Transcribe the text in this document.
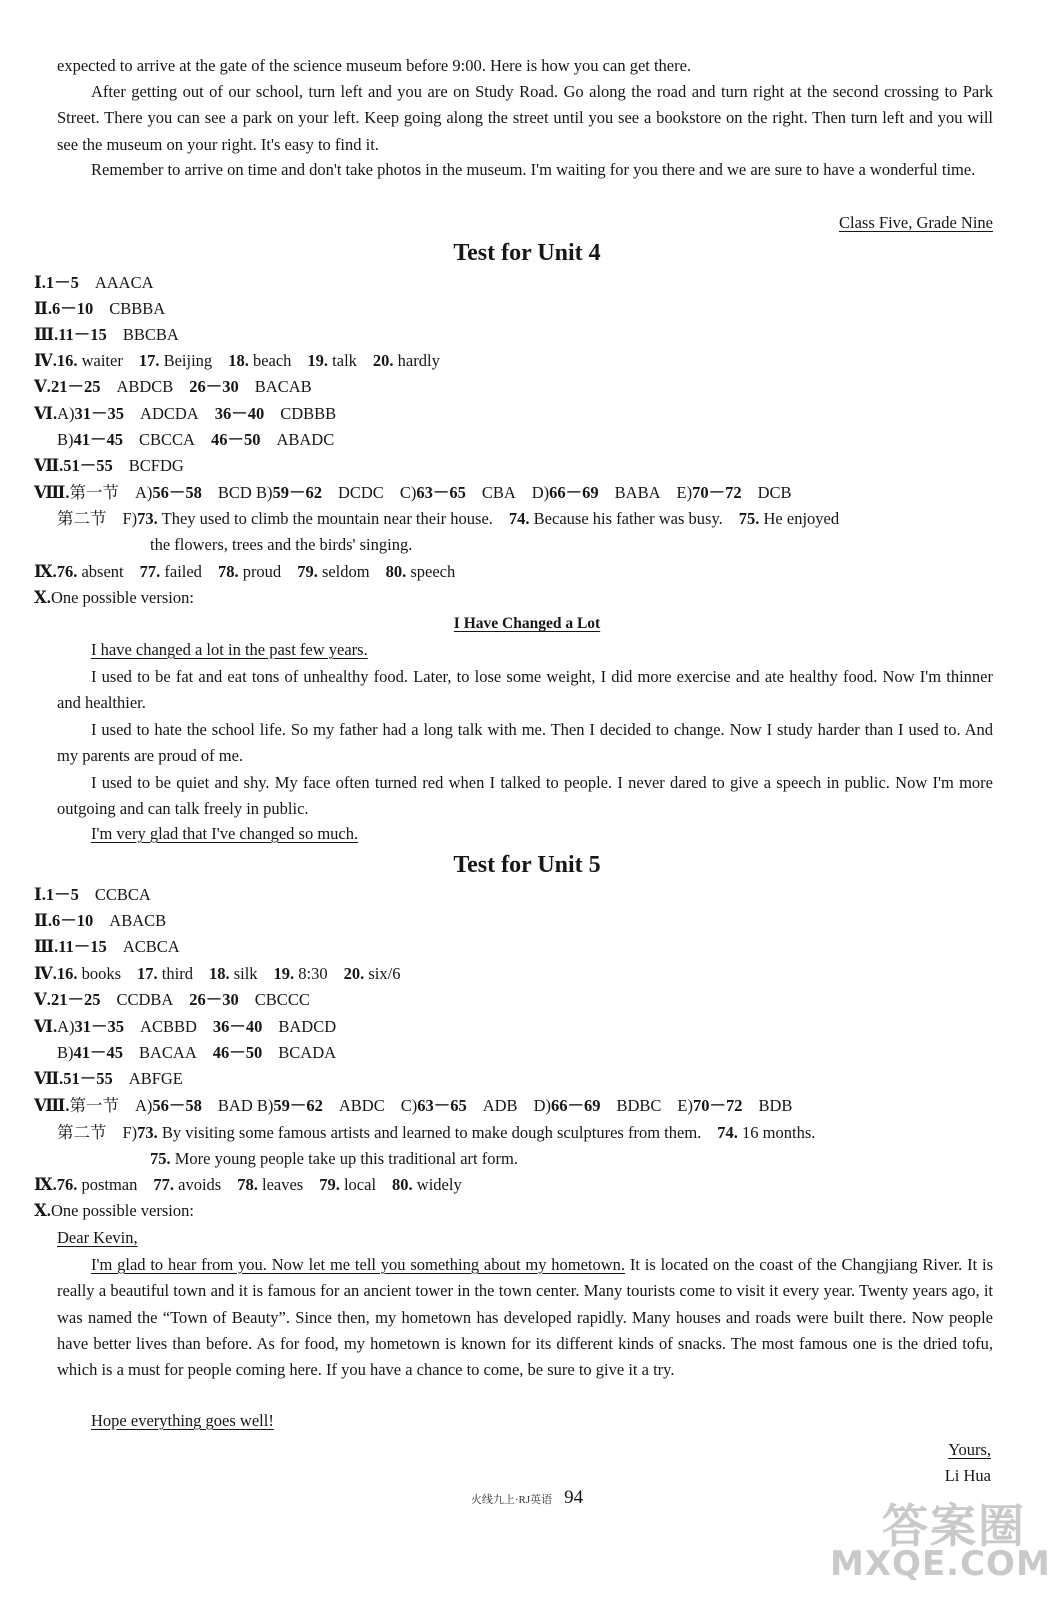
expected to arrive at the gate of the science museum before 9:00. Here is how you can get there.
After getting out of our school, turn left and you are on Study Road. Go along the road and turn right at the second crossing to Park Street. There you can see a park on your left. Keep going along the street until you see a bookstore on the right. Then turn left and you will see the museum on your right. It's easy to find it.
Remember to arrive on time and don't take photos in the museum. I'm waiting for you there and we are sure to have a wonderful time.
Class Five, Grade Nine
Test for Unit 4
Ⅰ.1－5 AAACA
Ⅱ.6－10 CBBBA
Ⅲ.11－15 BBCBA
Ⅳ.16. waiter 17. Beijing 18. beach 19. talk 20. hardly
Ⅴ.21－25 ABDCB 26－30 BACAB
Ⅵ.A)31－35 ADCDA 36－40 CDBBB
B)41－45 CBCCA 46－50 ABADC
Ⅶ.51－55 BCFDG
Ⅷ.第一节 A)56－58 BCD B)59－62 DCDC C)63－65 CBA D)66－69 BABA E)70－72 DCB
第二节 F)73. They used to climb the mountain near their house. 74. Because his father was busy. 75. He enjoyed
the flowers, trees and the birds' singing.
Ⅸ.76. absent 77. failed 78. proud 79. seldom 80. speech
Ⅹ.One possible version:
I Have Changed a Lot
I have changed a lot in the past few years.
I used to be fat and eat tons of unhealthy food. Later, to lose some weight, I did more exercise and ate healthy food. Now I'm thinner and healthier.
I used to hate the school life. So my father had a long talk with me. Then I decided to change. Now I study harder than I used to. And my parents are proud of me.
I used to be quiet and shy. My face often turned red when I talked to people. I never dared to give a speech in public. Now I'm more outgoing and can talk freely in public.
I'm very glad that I've changed so much.
Test for Unit 5
Ⅰ.1－5 CCBCA
Ⅱ.6－10 ABACB
Ⅲ.11－15 ACBCA
Ⅳ.16. books 17. third 18. silk 19. 8:30 20. six/6
Ⅴ.21－25 CCDBA 26－30 CBCCC
Ⅵ.A)31－35 ACBBD 36－40 BADCD
B)41－45 BACAA 46－50 BCADA
Ⅶ.51－55 ABFGE
Ⅷ.第一节 A)56－58 BAD B)59－62 ABDC C)63－65 ADB D)66－69 BDBC E)70－72 BDB
第二节 F)73. By visiting some famous artists and learned to make dough sculptures from them. 74. 16 months.
75. More young people take up this traditional art form.
Ⅸ.76. postman 77. avoids 78. leaves 79. local 80. widely
Ⅹ.One possible version:
Dear Kevin,
I'm glad to hear from you. Now let me tell you something about my hometown. It is located on the coast of the Changjiang River. It is really a beautiful town and it is famous for an ancient tower in the town center. Many tourists come to visit it every year. Twenty years ago, it was named the “Town of Beauty”. Since then, my hometown has developed rapidly. Many houses and roads were built there. Now people have better lives than before. As for food, my hometown is known for its different kinds of snacks. The most famous one is the dried tofu, which is a must for people coming here. If you have a chance to come, be sure to give it a try.
Hope everything goes well!
Yours,
Li Hua
火线九上·RJ英语 94
答案圈
MXQE.COM
